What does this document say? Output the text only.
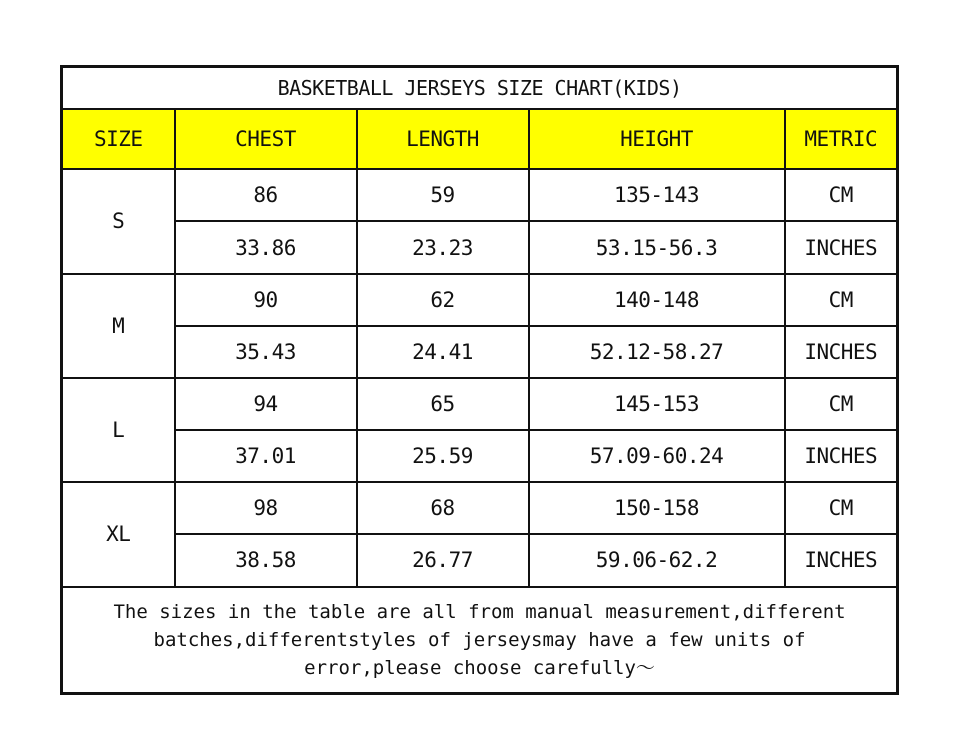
BASKETBALL JERSEYS SIZE CHART(KIDS)				
SIZE	CHEST	LENGTH	HEIGHT	METRIC
S	86	59	135-143	CM
	33.86	23.23	53.15-56.3	INCHES
M	90	62	140-148	CM
	35.43	24.41	52.12-58.27	INCHES
L	94	65	145-153	CM
	37.01	25.59	57.09-60.24	INCHES
XL	98	68	150-158	CM
	38.58	26.77	59.06-62.2	INCHES

The sizes in the table are all from manual measurement,different
batches,differentstyles of jerseysmay have a few units of
error,please choose carefully～				
